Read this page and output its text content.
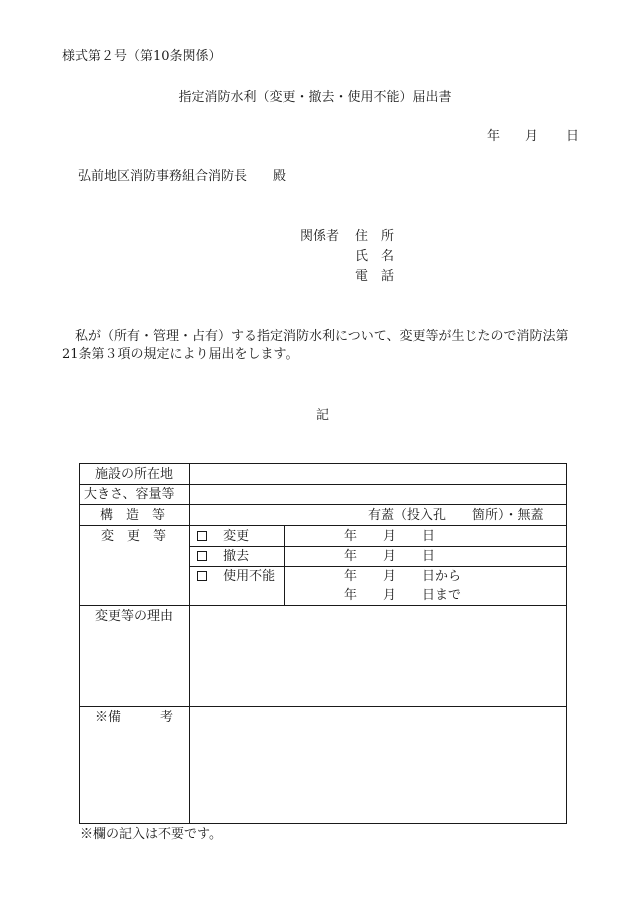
様式第２号（第10条関係）
指定消防水利（変更・撤去・使用不能）届出書
年 月 日
弘前地区消防事務組合消防長　　殿
関係者 住　所
氏　名
電　話
　私が（所有・管理・占有）する指定消防水利について、変更等が生じたので消防法第
21条第３項の規定により届出をします。
記
施設の所在地
大きさ、容量等
構　造　等	有蓋（投入孔　　箇所）・無蓋
変　更　等	変更	年　　月　　日
撤去	年　　月　　日
使用不能	年　　月　　日から
年　　月　　日まで
変更等の理由
※備　　　考
※欄の記入は不要です。
